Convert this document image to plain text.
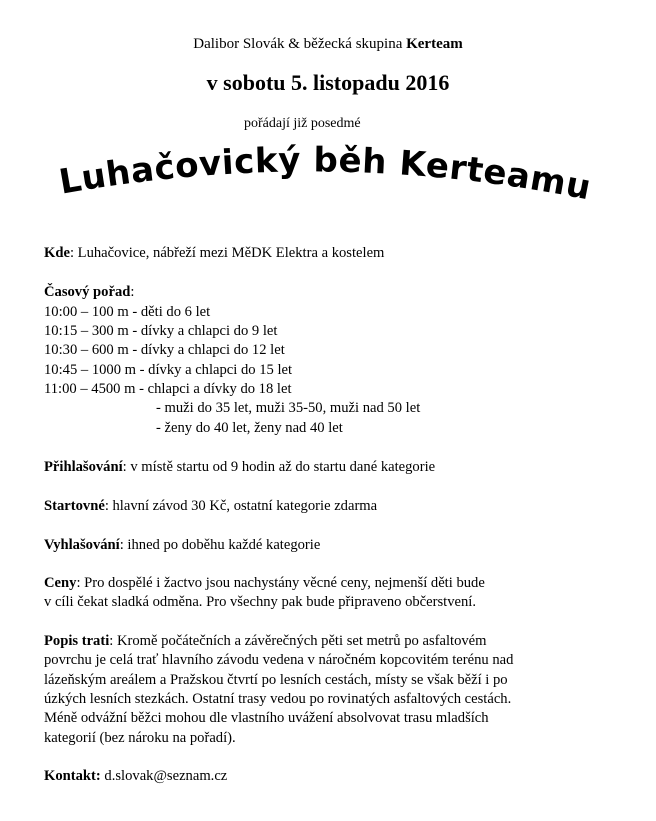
Dalibor Slovák & běžecká skupina Kerteam
v sobotu 5. listopadu 2016
pořádají již posedmé
Luhačovický běh Kerteamu
Kde: Luhačovice, nábřeží mezi MěDK Elektra a kostelem
Časový pořad:
10:00 – 100 m - děti do 6 let
10:15 – 300 m - dívky a chlapci do 9 let
10:30 – 600 m - dívky a chlapci do 12 let
10:45 – 1000 m - dívky a chlapci do 15 let
11:00 – 4500 m - chlapci a dívky do 18 let
- muži do 35 let, muži 35-50, muži nad 50 let
- ženy do 40 let, ženy nad 40 let
Přihlašování: v místě startu od 9 hodin až do startu dané kategorie
Startovné: hlavní závod 30 Kč, ostatní kategorie zdarma
Vyhlašování: ihned po doběhu každé kategorie
Ceny: Pro dospělé i žactvo jsou nachystány věcné ceny, nejmenší děti bude
v cíli čekat sladká odměna. Pro všechny pak bude připraveno občerstvení.
Popis trati: Kromě počátečních a závěrečných pěti set metrů po asfaltovém
povrchu je celá trať hlavního závodu vedena v náročném kopcovitém terénu nad
lázeňským areálem a Pražskou čtvrtí po lesních cestách, místy se však běží i po
úzkých lesních stezkách. Ostatní trasy vedou po rovinatých asfaltových cestách.
Méně odvážní běžci mohou dle vlastního uvážení absolvovat trasu mladších
kategorií (bez nároku na pořadí).
Kontakt: d.slovak@seznam.cz
